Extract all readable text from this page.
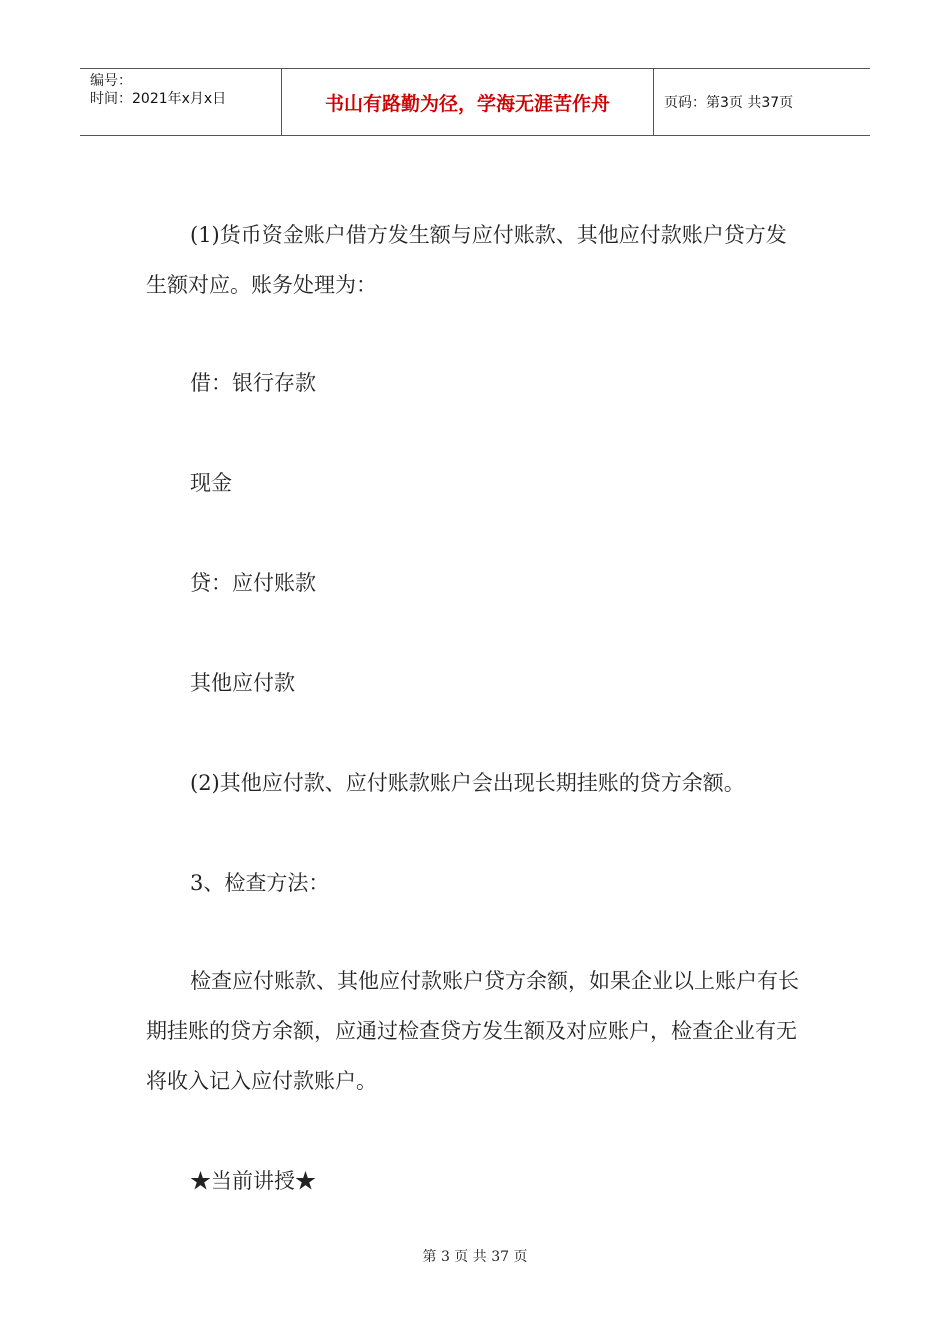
编号：
时间：2021年x月x日	书山有路勤为径，学海无涯苦作舟	页码：第3页 共37页

(1)货币资金账户借方发生额与应付账款、其他应付款账户贷方发生额对应。账务处理为：

借：银行存款

现金

贷：应付账款

其他应付款

(2)其他应付款、应付账款账户会出现长期挂账的贷方余额。

3、检查方法：

检查应付账款、其他应付款账户贷方余额，如果企业以上账户有长期挂账的贷方余额，应通过检查贷方发生额及对应账户，检查企业有无将收入记入应付款账户。

★当前讲授★

第 3 页 共 37 页
